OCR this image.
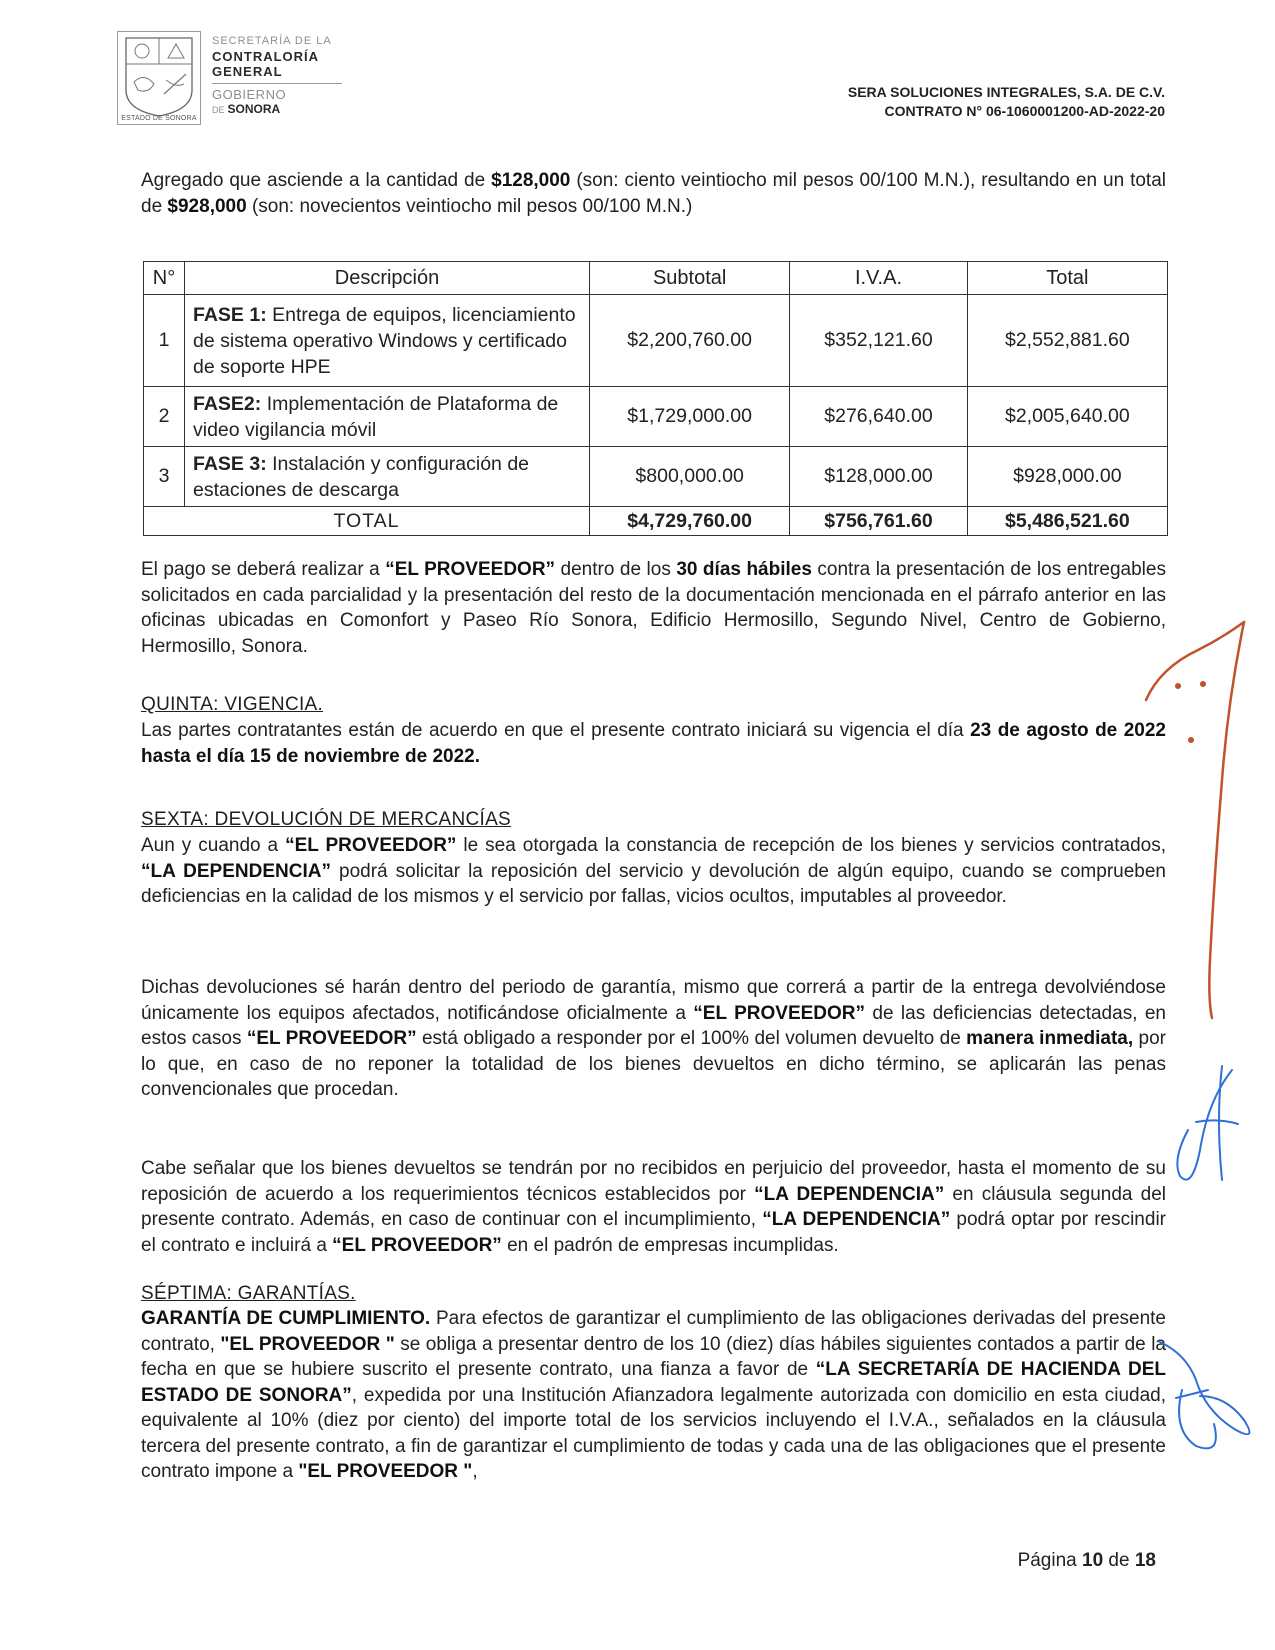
ESTADO DE SONORA
SECRETARÍA DE LA
CONTRALORÍA
GENERAL
GOBIERNO
DE SONORA
SERA SOLUCIONES INTEGRALES, S.A. DE C.V.
CONTRATO N° 06-1060001200-AD-2022-20
Agregado que asciende a la cantidad de $128,000 (son: ciento veintiocho mil pesos 00/100 M.N.), resultando en un total de $928,000 (son: novecientos veintiocho mil pesos 00/100 M.N.)
N°	Descripción	Subtotal	I.V.A.	Total
1	FASE 1: Entrega de equipos, licenciamiento de sistema operativo Windows y certificado de soporte HPE	$2,200,760.00	$352,121.60	$2,552,881.60
2	FASE2: Implementación de Plataforma de video vigilancia móvil	$1,729,000.00	$276,640.00	$2,005,640.00
3	FASE 3: Instalación y configuración de estaciones de descarga	$800,000.00	$128,000.00	$928,000.00
TOTAL		$4,729,760.00	$756,761.60	$5,486,521.60
El pago se deberá realizar a “EL PROVEEDOR” dentro de los 30 días hábiles contra la presentación de los entregables solicitados en cada parcialidad y la presentación del resto de la documentación mencionada en el párrafo anterior en las oficinas ubicadas en Comonfort y Paseo Río Sonora, Edificio Hermosillo, Segundo Nivel, Centro de Gobierno, Hermosillo, Sonora.
QUINTA: VIGENCIA.
Las partes contratantes están de acuerdo en que el presente contrato iniciará su vigencia el día 23 de agosto de 2022 hasta el día 15 de noviembre de 2022.
SEXTA: DEVOLUCIÓN DE MERCANCÍAS
Aun y cuando a “EL PROVEEDOR” le sea otorgada la constancia de recepción de los bienes y servicios contratados, “LA DEPENDENCIA” podrá solicitar la reposición del servicio y devolución de algún equipo, cuando se comprueben deficiencias en la calidad de los mismos y el servicio por fallas, vicios ocultos, imputables al proveedor.
Dichas devoluciones sé harán dentro del periodo de garantía, mismo que correrá a partir de la entrega devolviéndose únicamente los equipos afectados, notificándose oficialmente a “EL PROVEEDOR” de las deficiencias detectadas, en estos casos “EL PROVEEDOR” está obligado a responder por el 100% del volumen devuelto de manera inmediata, por lo que, en caso de no reponer la totalidad de los bienes devueltos en dicho término, se aplicarán las penas convencionales que procedan.
Cabe señalar que los bienes devueltos se tendrán por no recibidos en perjuicio del proveedor, hasta el momento de su reposición de acuerdo a los requerimientos técnicos establecidos por “LA DEPENDENCIA” en cláusula segunda del presente contrato. Además, en caso de continuar con el incumplimiento, “LA DEPENDENCIA” podrá optar por rescindir el contrato e incluirá a “EL PROVEEDOR” en el padrón de empresas incumplidas.
SÉPTIMA: GARANTÍAS.
GARANTÍA DE CUMPLIMIENTO. Para efectos de garantizar el cumplimiento de las obligaciones derivadas del presente contrato, "EL PROVEEDOR " se obliga a presentar dentro de los 10 (diez) días hábiles siguientes contados a partir de la fecha en que se hubiere suscrito el presente contrato, una fianza a favor de “LA SECRETARÍA DE HACIENDA DEL ESTADO DE SONORA”, expedida por una Institución Afianzadora legalmente autorizada con domicilio en esta ciudad, equivalente al 10% (diez por ciento) del importe total de los servicios incluyendo el I.V.A., señalados en la cláusula tercera del presente contrato, a fin de garantizar el cumplimiento de todas y cada una de las obligaciones que el presente contrato impone a "EL PROVEEDOR ",
Página 10 de 18
